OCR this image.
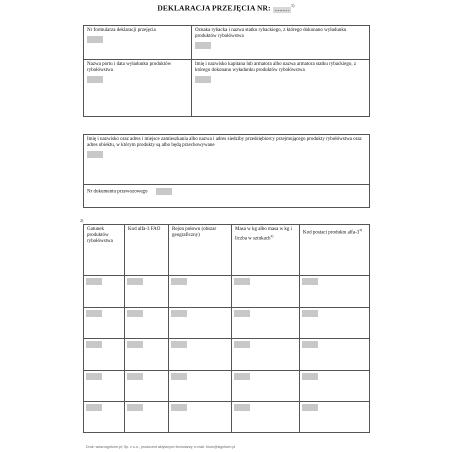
DEKLARACJA PRZEJĘCIA NR: .........$^{1)}$
Nr formularza deklaracji przejęcia	Oznaka rybacka i nazwa statku rybackiego, z którego dokonano wyładunku produktów rybołówstwa
Nazwa portu i data wyładunku produktów rybołówstwa
Imię i nazwisko kapitana lub armatora albo nazwa armatora statku rybackiego, z którego dokonano wyładunku produktów rybołówstwa
Imię i nazwisko oraz adres i miejsce zamieszkania albo nazwa i adres siedziby przedsiębiorcy przejmującego produkty rybołówstwa oraz adres obiektu, w którym produkty są albo będą przechowywane
Nr dokumentu przewozowego
2)
Gatunek produktów rybołówstwa
Kod alfa-3 FAO	Rejon połowu (obszar geograficzny)
Masa w kg albo masa w kg i liczba w sztukach$^{4)}$
Kod postaci produktu alfa-3$^{3)}$
Druk: www.signform.pl; Sp. z o.o., producent aktywnych formularzy, e-mail: biuro@signform.pl
